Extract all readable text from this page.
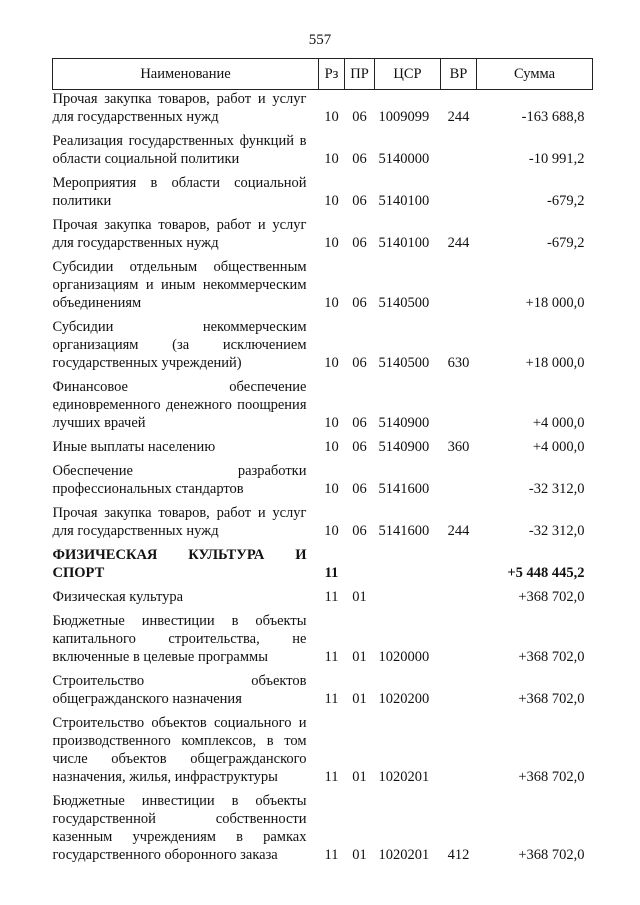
557
Наименование	Рз	ПР	ЦСР	ВР	Сумма
Прочая закупка товаров, работ и услуг для государственных нужд	10	06	1009099	244	-163 688,8

Реализация государственных функций в области социальной политики	10	06	5140000		-10 991,2

Мероприятия в области социальной политики	10	06	5140100		-679,2

Прочая закупка товаров, работ и услуг для государственных нужд	10	06	5140100	244	-679,2

Субсидии отдельным общественным организациям и иным некоммерческим объединениям	10	06	5140500		+18 000,0

Субсидии некоммерческим организациям (за исключением государственных учреждений)	10	06	5140500	630	+18 000,0

Финансовое обеспечение единовременного денежного поощрения лучших врачей	10	06	5140900		+4 000,0

Иные выплаты населению	10	06	5140900	360	+4 000,0

Обеспечение разработки профессиональных стандартов	10	06	5141600		-32 312,0

Прочая закупка товаров, работ и услуг для государственных нужд	10	06	5141600	244	-32 312,0

ФИЗИЧЕСКАЯ КУЛЬТУРА И СПОРТ	11				+5 448 445,2

Физическая культура	11	01			+368 702,0

Бюджетные инвестиции в объекты капитального строительства, не включенные в целевые программы	11	01	1020000		+368 702,0

Строительство объектов общегражданского назначения	11	01	1020200		+368 702,0

Строительство объектов социального и производственного комплексов, в том числе объектов общегражданского назначения, жилья, инфраструктуры	11	01	1020201		+368 702,0

Бюджетные инвестиции в объекты государственной собственности казенным учреждениям в рамках государственного оборонного заказа	11	01	1020201	412	+368 702,0
